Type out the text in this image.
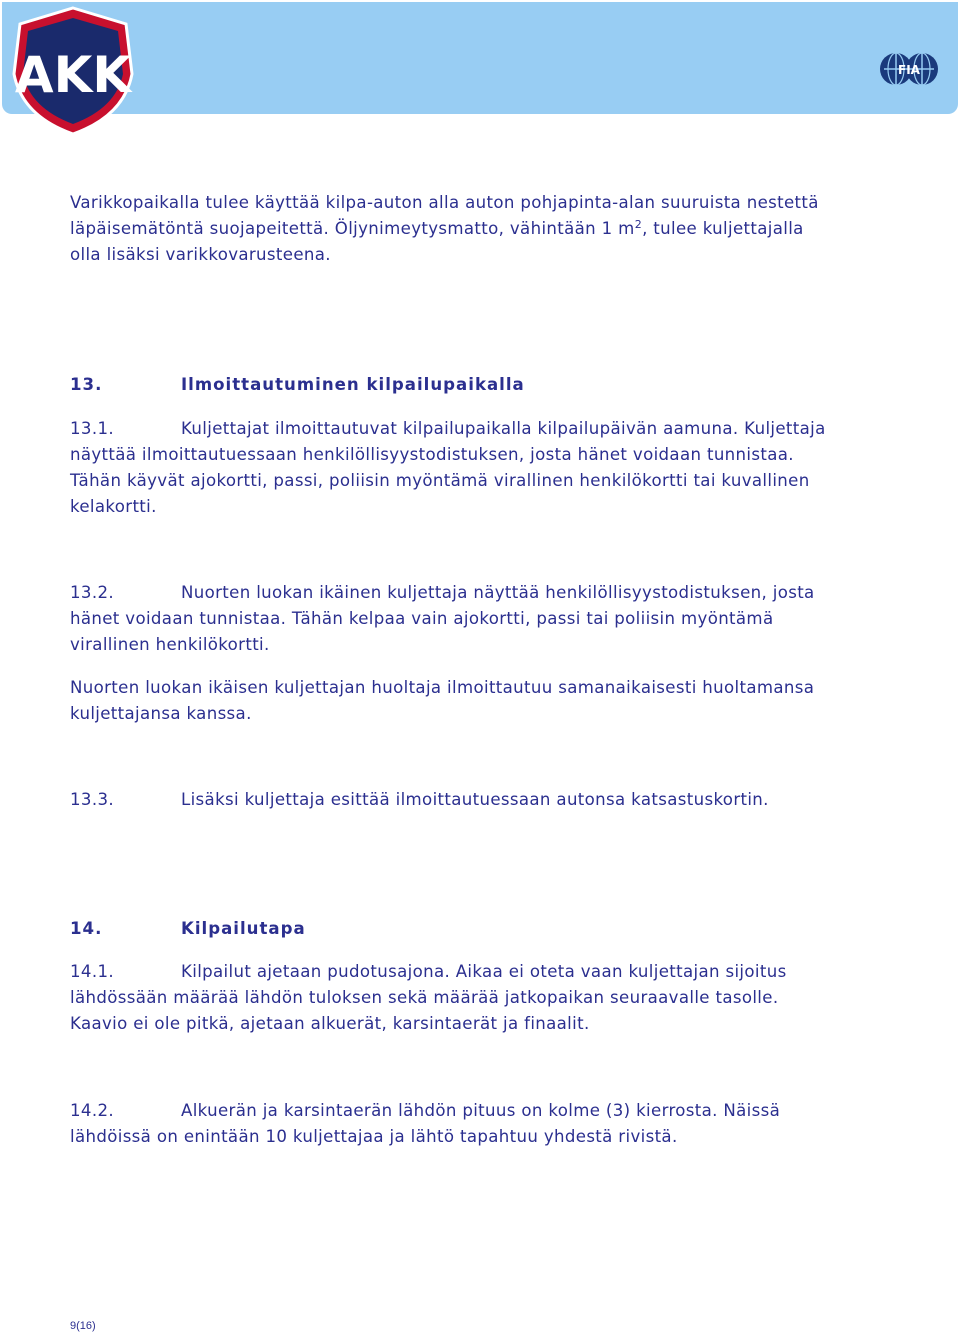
AKK	FIA
Varikkopaikalla tulee käyttää kilpa-auton alla auton pohjapinta-alan suuruista nestettä
läpäisemätöntä suojapeitettä. Öljynimeytysmatto, vähintään 1 $m^2$, tulee kuljettajalla
olla lisäksi varikkovarusteena.
13.	Ilmoittautuminen kilpailupaikalla
13.1.	Kuljettajat ilmoittautuvat kilpailupaikalla kilpailupäivän aamuna. Kuljettaja
näyttää ilmoittautuessaan henkilöllisyystodistuksen, josta hänet voidaan tunnistaa.
Tähän käyvät ajokortti, passi, poliisin myöntämä virallinen henkilökortti tai kuvallinen
kelakortti.
13.2.	Nuorten luokan ikäinen kuljettaja näyttää henkilöllisyystodistuksen, josta
hänet voidaan tunnistaa. Tähän kelpaa vain ajokortti, passi tai poliisin myöntämä
virallinen henkilökortti.
Nuorten luokan ikäisen kuljettajan huoltaja ilmoittautuu samanaikaisesti huoltamansa
kuljettajansa kanssa.
13.3.	Lisäksi kuljettaja esittää ilmoittautuessaan autonsa katsastuskortin.
14.	Kilpailutapa
14.1.	Kilpailut ajetaan pudotusajona. Aikaa ei oteta vaan kuljettajan sijoitus
lähdössään määrää lähdön tuloksen sekä määrää jatkopaikan seuraavalle tasolle.
Kaavio ei ole pitkä, ajetaan alkuerät, karsintaerät ja finaalit.
14.2.	Alkuerän ja karsintaerän lähdön pituus on kolme (3) kierrosta. Näissä
lähdöissä on enintään 10 kuljettajaa ja lähtö tapahtuu yhdestä rivistä.
9(16)
